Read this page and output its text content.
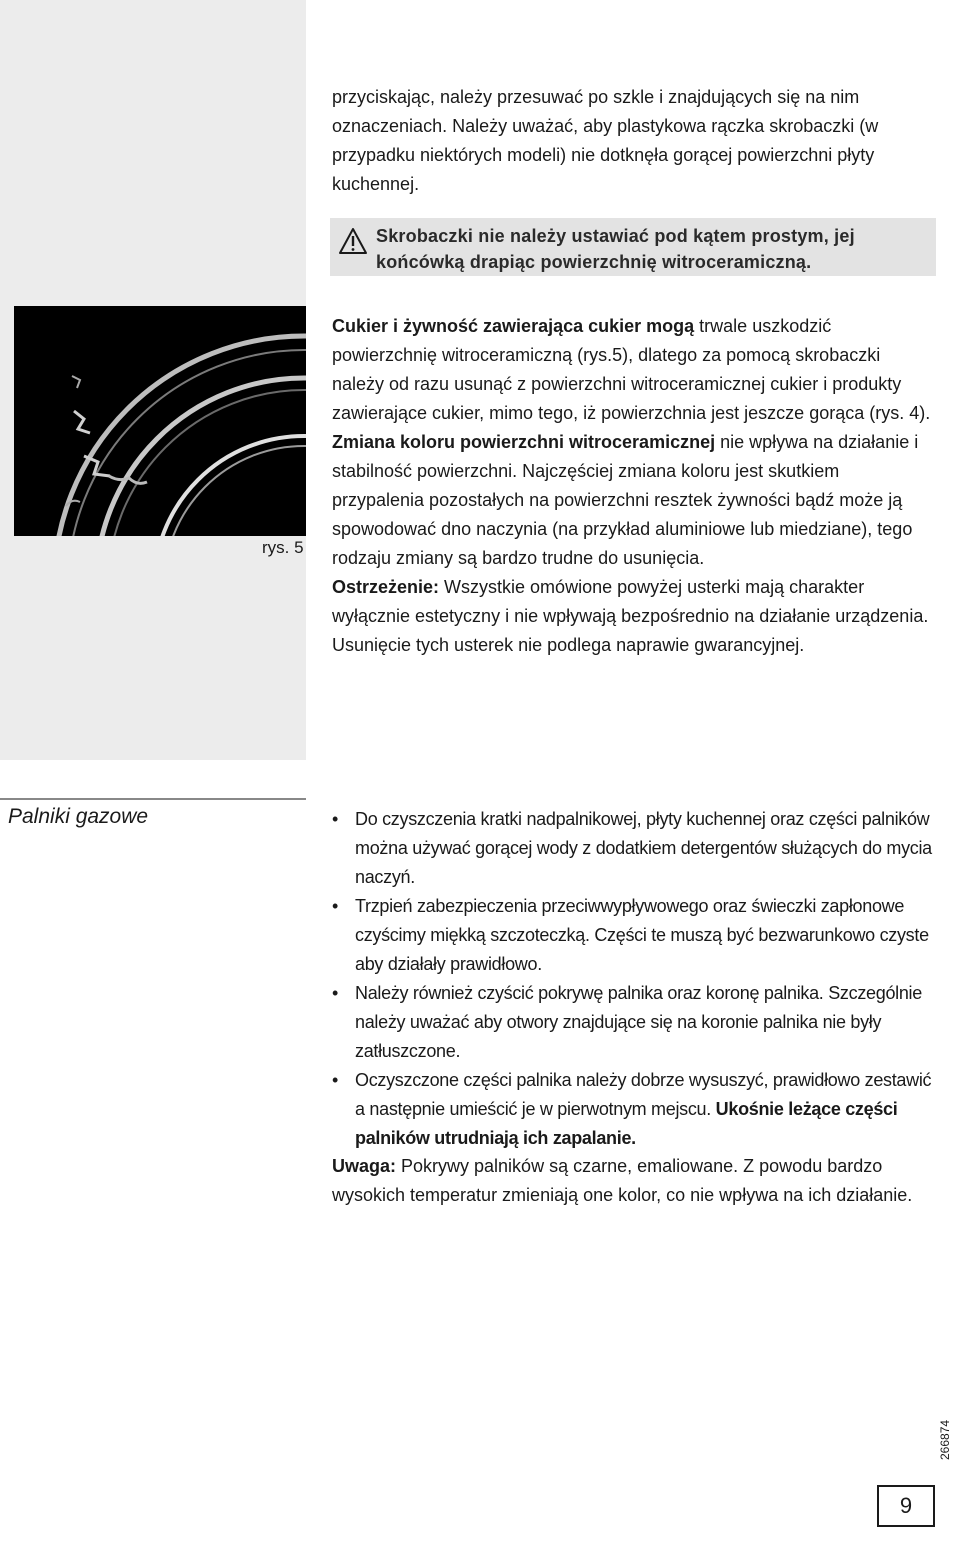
przyciskając, należy przesuwać po szkle i znajdujących się na nim oznaczeniach. Należy uważać, aby plastykowa rączka skrobaczki (w przypadku niektórych modeli) nie dotknęła gorącej powierzchni płyty kuchennej.

Skrobaczki nie należy ustawiać pod kątem prostym, jej końcówką drapiąc powierzchnię witroceramiczną.
rys. 5

Cukier i żywność zawierająca cukier mogą trwale uszkodzić powierzchnię witroceramiczną (rys.5), dlatego za pomocą skrobaczki należy od razu usunąć z powierzchni witroceramicznej cukier i produkty zawierające cukier, mimo tego, iż powierzchnia jest jeszcze gorąca (rys. 4).

Zmiana koloru powierzchni witroceramicznej nie wpływa na działanie i stabilność powierzchni. Najczęściej zmiana koloru jest skutkiem przypalenia pozostałych na powierzchni resztek żywności bądź może ją spowodować dno naczynia (na przykład aluminiowe lub miedziane), tego rodzaju zmiany są bardzo trudne do usunięcia.

Ostrzeżenie: Wszystkie omówione powyżej usterki mają charakter wyłącznie estetyczny i nie wpływają bezpośrednio na działanie urządzenia. Usunięcie tych usterek nie podlega naprawie gwarancyjnej.

Palniki gazowe	• Do czyszczenia kratki nadpalnikowej, płyty kuchennej oraz części palników można używać gorącej wody z dodatkiem detergentów służących do mycia naczyń.
• Trzpień zabezpieczenia przeciwwypływowego oraz świeczki zapłonowe czyścimy miękką szczoteczką. Części te muszą być bezwarunkowo czyste aby działały prawidłowo.
• Należy również czyścić pokrywę palnika oraz koronę palnika. Szczególnie należy uważać aby otwory znajdujące się na koronie palnika nie były zatłuszczone.
• Oczyszczone części palnika należy dobrze wysuszyć, prawidłowo zestawić a następnie umieścić je w pierwotnym mejscu. Ukośnie leżące części palników utrudniają ich zapalanie.

Uwaga: Pokrywy palników są czarne, emaliowane. Z powodu bardzo wysokich temperatur zmieniają one kolor, co nie wpływa na ich działanie.

266874
9
